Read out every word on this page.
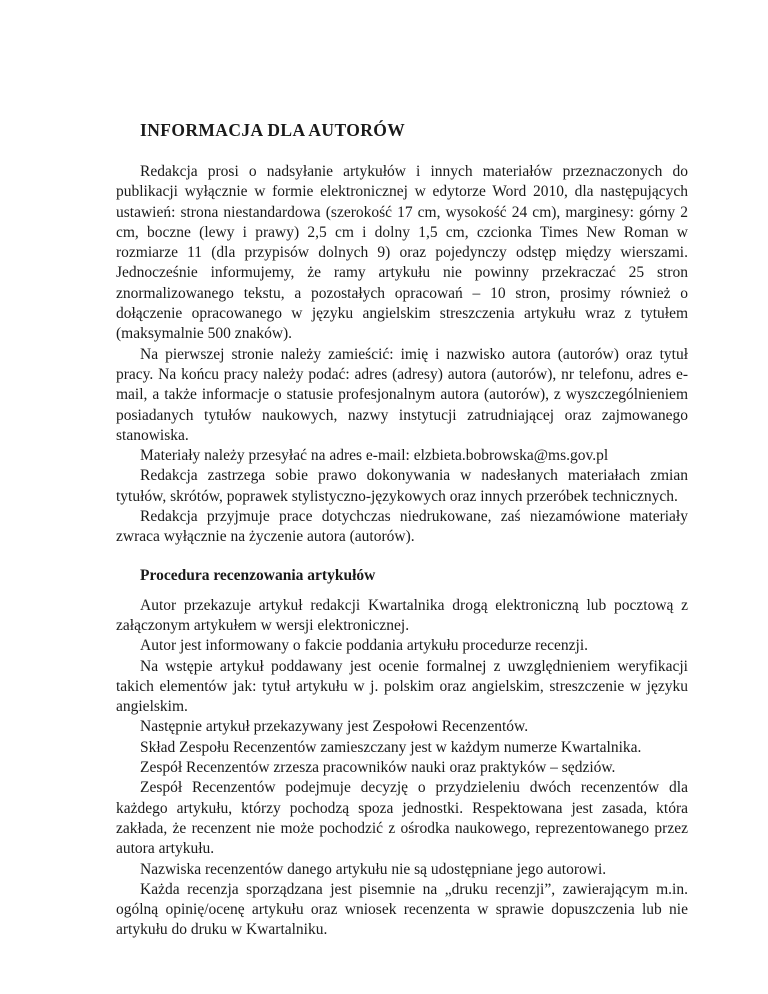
INFORMACJA DLA AUTORÓW

Redakcja prosi o nadsyłanie artykułów i innych materiałów przeznaczonych do publikacji wyłącznie w formie elektronicznej w edytorze Word 2010, dla następujących ustawień: strona niestandardowa (szerokość 17 cm, wysokość 24 cm), marginesy: górny 2 cm, boczne (lewy i prawy) 2,5 cm i dolny 1,5 cm, czcionka Times New Roman w rozmiarze 11 (dla przypisów dolnych 9) oraz pojedynczy odstęp między wierszami. Jednocześnie informujemy, że ramy artykułu nie powinny przekraczać 25 stron znormalizowanego tekstu, a pozostałych opracowań – 10 stron, prosimy również o dołączenie opracowanego w języku angielskim streszczenia artykułu wraz z tytułem (maksymalnie 500 znaków).

Na pierwszej stronie należy zamieścić: imię i nazwisko autora (autorów) oraz tytuł pracy. Na końcu pracy należy podać: adres (adresy) autora (autorów), nr telefonu, adres e-mail, a także informacje o statusie profesjonalnym autora (autorów), z wyszczególnieniem posiadanych tytułów naukowych, nazwy instytucji zatrudniającej oraz zajmowanego stanowiska.

Materiały należy przesyłać na adres e-mail: elzbieta.bobrowska@ms.gov.pl

Redakcja zastrzega sobie prawo dokonywania w nadesłanych materiałach zmian tytułów, skrótów, poprawek stylistyczno-językowych oraz innych przeróbek technicznych.

Redakcja przyjmuje prace dotychczas niedrukowane, zaś niezamówione materiały zwraca wyłącznie na życzenie autora (autorów).

Procedura recenzowania artykułów

Autor przekazuje artykuł redakcji Kwartalnika drogą elektroniczną lub pocztową z załączonym artykułem w wersji elektronicznej.

Autor jest informowany o fakcie poddania artykułu procedurze recenzji.

Na wstępie artykuł poddawany jest ocenie formalnej z uwzględnieniem weryfikacji takich elementów jak: tytuł artykułu w j. polskim oraz angielskim, streszczenie w języku angielskim.

Następnie artykuł przekazywany jest Zespołowi Recenzentów.

Skład Zespołu Recenzentów zamieszczany jest w każdym numerze Kwartalnika.

Zespół Recenzentów zrzesza pracowników nauki oraz praktyków – sędziów.

Zespół Recenzentów podejmuje decyzję o przydzieleniu dwóch recenzentów dla każdego artykułu, którzy pochodzą spoza jednostki. Respektowana jest zasada, która zakłada, że recenzent nie może pochodzić z ośrodka naukowego, reprezentowanego przez autora artykułu.

Nazwiska recenzentów danego artykułu nie są udostępniane jego autorowi.

Każda recenzja sporządzana jest pisemnie na „druku recenzji”, zawierającym m.in. ogólną opinię/ocenę artykułu oraz wniosek recenzenta w sprawie dopuszczenia lub nie artykułu do druku w Kwartalniku.
